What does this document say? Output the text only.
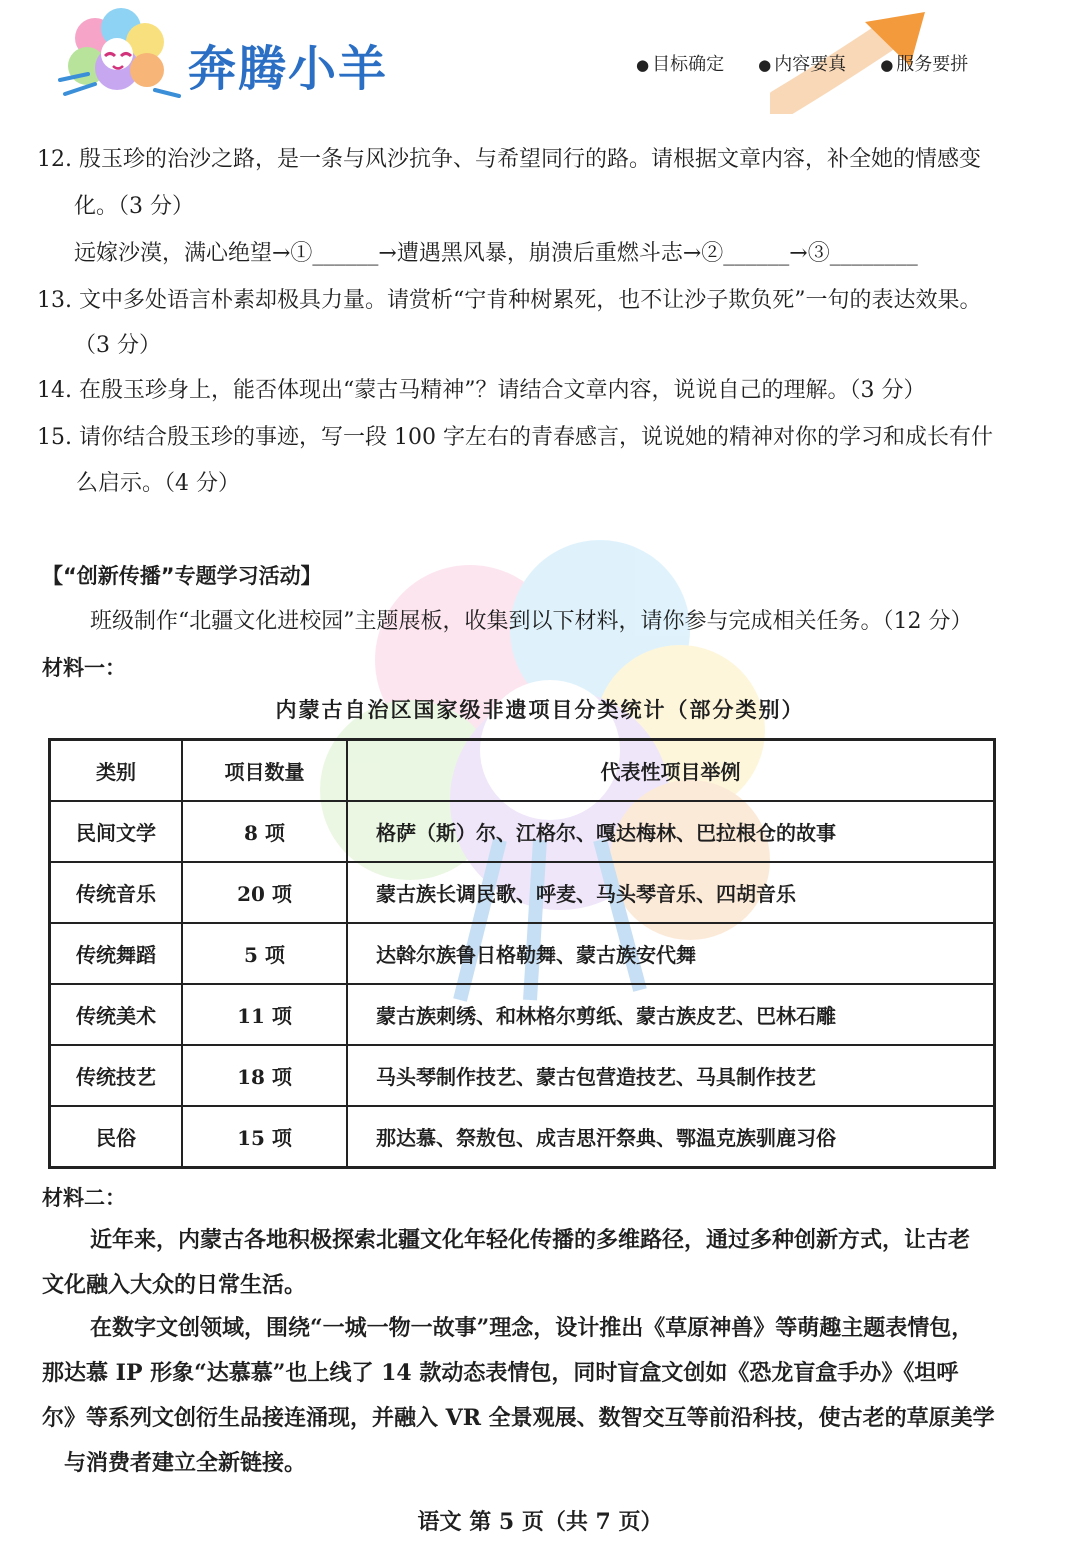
奔腾小羊	● 目标确定	● 内容要真	● 服务要拼
12. 殷玉珍的治沙之路，是一条与风沙抗争、与希望同行的路。请根据文章内容，补全她的情感变
化。（3 分）
远嫁沙漠，满心绝望→①______→遭遇黑风暴，崩溃后重燃斗志→②______→③________
13. 文中多处语言朴素却极具力量。请赏析“宁肯种树累死，也不让沙子欺负死”一句的表达效果。
（3 分）
14. 在殷玉珍身上，能否体现出“蒙古马精神”？请结合文章内容，说说自己的理解。（3 分）
15. 请你结合殷玉珍的事迹，写一段 100 字左右的青春感言，说说她的精神对你的学习和成长有什
么启示。（4 分）
【“创新传播”专题学习活动】
班级制作“北疆文化进校园”主题展板，收集到以下材料，请你参与完成相关任务。（12 分）
材料一：
内蒙古自治区国家级非遗项目分类统计（部分类别）
类别	项目数量	代表性项目举例
民间文学	8 项	格萨（斯）尔、江格尔、嘎达梅林、巴拉根仓的故事
传统音乐	20 项	蒙古族长调民歌、呼麦、马头琴音乐、四胡音乐
传统舞蹈	5 项	达斡尔族鲁日格勒舞、蒙古族安代舞
传统美术	11 项	蒙古族刺绣、和林格尔剪纸、蒙古族皮艺、巴林石雕
传统技艺	18 项	马头琴制作技艺、蒙古包营造技艺、马具制作技艺
民俗	15 项	那达慕、祭敖包、成吉思汗祭典、鄂温克族驯鹿习俗
材料二：
近年来，内蒙古各地积极探索北疆文化年轻化传播的多维路径，通过多种创新方式，让古老
文化融入大众的日常生活。
在数字文创领域，围绕“一城一物一故事”理念，设计推出《草原神兽》等萌趣主题表情包，
那达慕 IP 形象“达慕慕”也上线了 14 款动态表情包，同时盲盒文创如《恐龙盲盒手办》《坦呼
尔》等系列文创衍生品接连涌现，并融入 VR 全景观展、数智交互等前沿科技，使古老的草原美学
与消费者建立全新链接。
语文 第 5 页（共 7 页）
